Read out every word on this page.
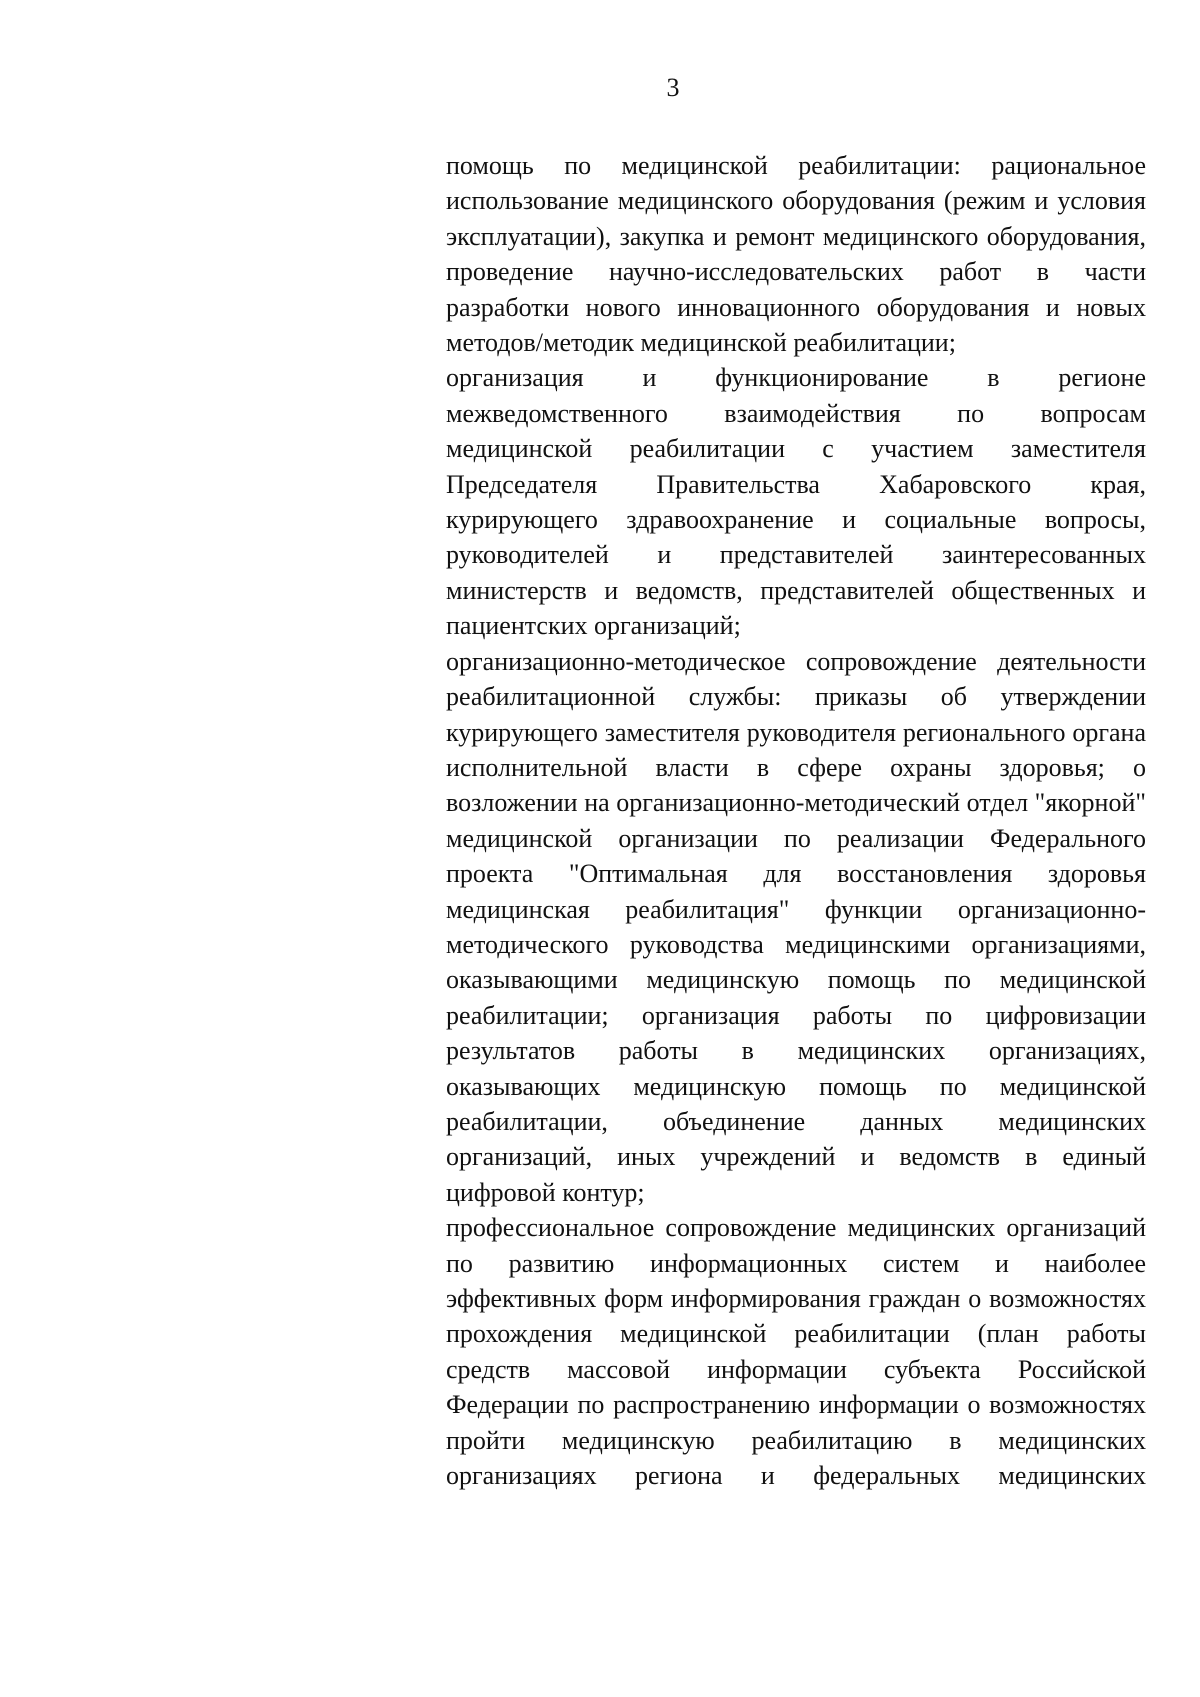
3

помощь по медицинской реабилитации: рациональное использование медицинского оборудования (режим и условия эксплуатации), закупка и ремонт медицинского оборудования, проведение научно-исследовательских работ в части разработки нового инновационного оборудования и новых методов/методик медицинской реабилитации;

организация и функционирование в регионе межведомственного взаимодействия по вопросам медицинской реабилитации с участием заместителя Председателя Правительства Хабаровского края, курирующего здравоохранение и социальные вопросы, руководителей и представителей заинтересованных министерств и ведомств, представителей общественных и пациентских организаций;

организационно-методическое сопровождение деятельности реабилитационной службы: приказы об утверждении курирующего заместителя руководителя регионального органа исполнительной власти в сфере охраны здоровья; о возложении на организационно-методический отдел "якорной" медицинской организации по реализации Федерального проекта "Оптимальная для восстановления здоровья медицинская реабилитация" функции организационно-методического руководства медицинскими организациями, оказывающими медицинскую помощь по медицинской реабилитации; организация работы по цифровизации результатов работы в медицинских организациях, оказывающих медицинскую помощь по медицинской реабилитации, объединение данных медицинских организаций, иных учреждений и ведомств в единый цифровой контур;

профессиональное сопровождение медицинских организаций по развитию информационных систем и наиболее эффективных форм информирования граждан о возможностях прохождения медицинской реабилитации (план работы средств массовой информации субъекта Российской Федерации по распространению информации о возможностях пройти медицинскую реабилитацию в медицинских организациях региона и федеральных медицинских
